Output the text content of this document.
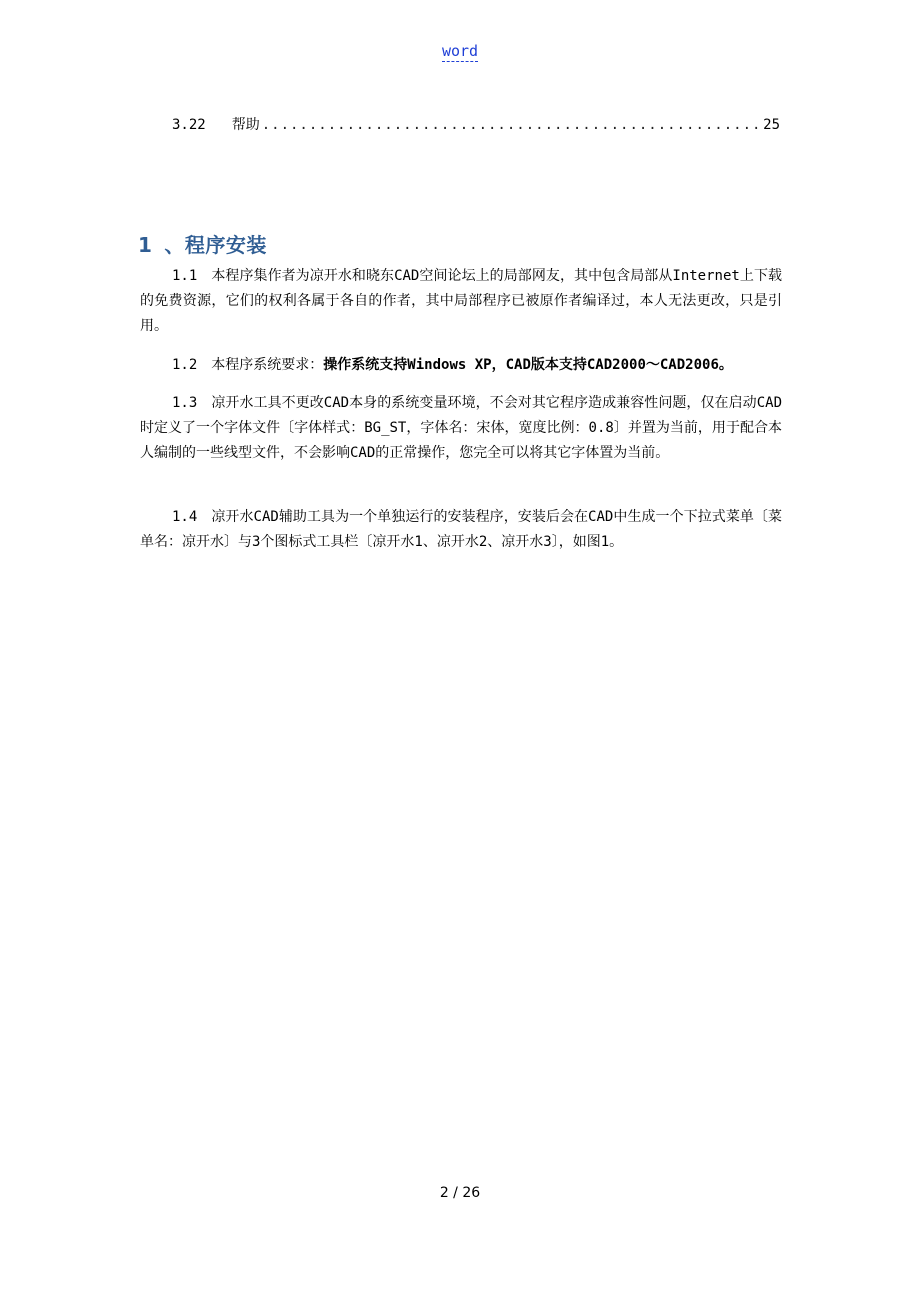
word
3.22 帮助
.....	25
1 、程序安装
1.1 本程序集作者为凉开水和晓东CAD空间论坛上的局部网友，其中包含局部从Internet上下载的免费资源，它们的权利各属于各自的作者，其中局部程序已被原作者编译过，本人无法更改，只是引用。
1.2 本程序系统要求：操作系统支持Windows XP，CAD版本支持CAD2000～CAD2006。
1.3 凉开水工具不更改CAD本身的系统变量环境，不会对其它程序造成兼容性问题，仅在启动CAD时定义了一个字体文件〔字体样式：BG_ST，字体名：宋体，宽度比例：0.8〕并置为当前，用于配合本人编制的一些线型文件，不会影响CAD的正常操作，您完全可以将其它字体置为当前。
1.4 凉开水CAD辅助工具为一个单独运行的安装程序，安装后会在CAD中生成一个下拉式菜单〔菜单名：凉开水〕与3个图标式工具栏〔凉开水1、凉开水2、凉开水3〕，如图1。
2 / 26
